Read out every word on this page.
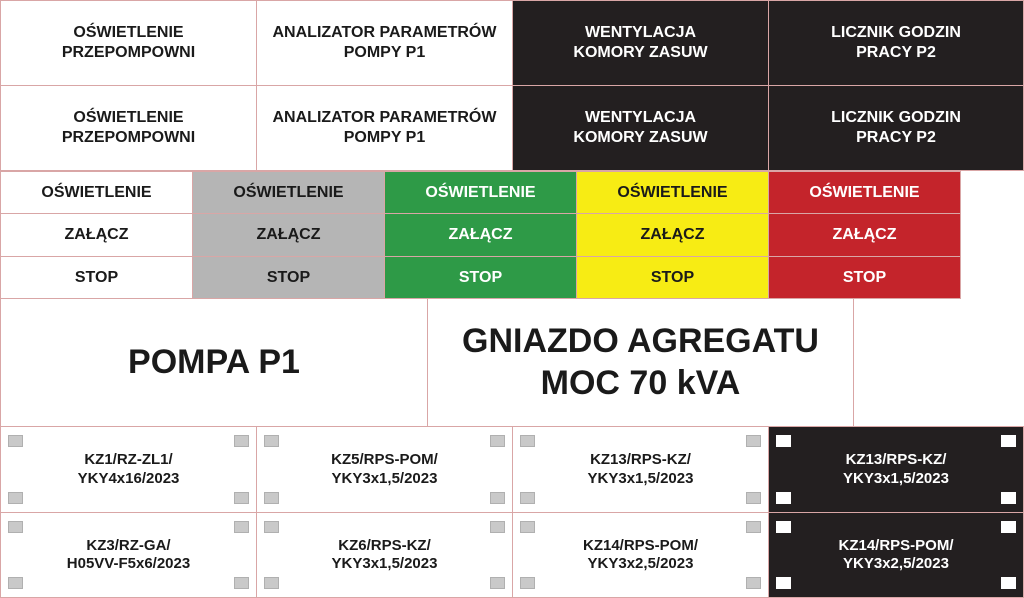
OŚWIETLENIE
PRZEPOMPOWNI
ANALIZATOR PARAMETRÓW
POMPY P1
WENTYLACJA
KOMORY ZASUW
LICZNIK GODZIN
PRACY P2
OŚWIETLENIE
PRZEPOMPOWNI
ANALIZATOR PARAMETRÓW
POMPY P1
WENTYLACJA
KOMORY ZASUW
LICZNIK GODZIN
PRACY P2
OŚWIETLENIE
ZAŁĄCZ
STOP
OŚWIETLENIE
ZAŁĄCZ
STOP
OŚWIETLENIE
ZAŁĄCZ
STOP
OŚWIETLENIE
ZAŁĄCZ
STOP
OŚWIETLENIE
ZAŁĄCZ
STOP
POMPA P1
GNIAZDO AGREGATU
MOC 70 kVA
KZ1/RZ-ZL1/
YKY4x16/2023
KZ5/RPS-POM/
YKY3x1,5/2023
KZ13/RPS-KZ/
YKY3x1,5/2023
KZ13/RPS-KZ/
YKY3x1,5/2023
KZ3/RZ-GA/
H05VV-F5x6/2023
KZ6/RPS-KZ/
YKY3x1,5/2023
KZ14/RPS-POM/
YKY3x2,5/2023
KZ14/RPS-POM/
YKY3x2,5/2023
